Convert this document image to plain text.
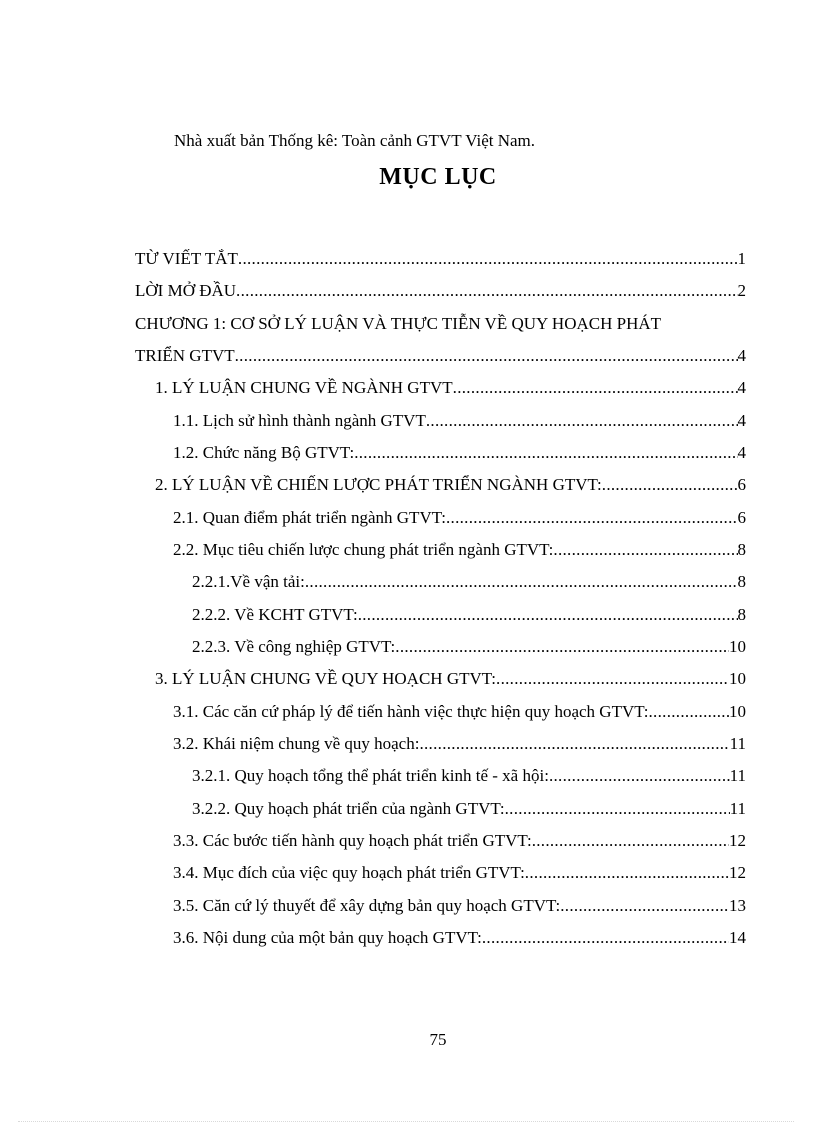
Nhà xuất bản Thống kê: Toàn cảnh GTVT Việt Nam.
MỤC LỤC
TỪ VIẾT TẮT .....	1
LỜI MỞ ĐẦU .....	2
CHƯƠNG 1: CƠ SỞ LÝ LUẬN VÀ THỰC TIỄN VỀ QUY HOẠCH PHÁT
TRIỂN GTVT .....	4
1. LÝ LUẬN CHUNG VỀ NGÀNH GTVT .....	4
1.1. Lịch sử hình thành ngành GTVT .....	4
1.2. Chức năng Bộ GTVT: .....	4
2. LÝ LUẬN VỀ CHIẾN LƯỢC PHÁT TRIỂN NGÀNH GTVT: .....	6
2.1. Quan điểm phát triển ngành GTVT: .....	6
2.2. Mục tiêu chiến lược chung phát triển ngành GTVT: .....	8
2.2.1.Về vận tải: .....	8
2.2.2. Về KCHT GTVT: .....	8
2.2.3. Về công nghiệp GTVT: .....	10
3. LÝ LUẬN CHUNG VỀ QUY HOẠCH GTVT: .....	10
3.1. Các căn cứ pháp lý để tiến hành việc thực hiện quy hoạch GTVT: .....	10
3.2. Khái niệm chung về quy hoạch: .....	11
3.2.1. Quy hoạch tổng thể phát triển kinh tế - xã hội: .....	11
3.2.2. Quy hoạch phát triển của ngành GTVT: .....	11
3.3. Các bước tiến hành quy hoạch phát triển GTVT: .....	12
3.4. Mục đích của việc quy hoạch phát triển GTVT: .....	12
3.5. Căn cứ lý thuyết để xây dựng bản quy hoạch GTVT: .....	13
3.6. Nội dung của một bản quy hoạch GTVT: .....	14
75
